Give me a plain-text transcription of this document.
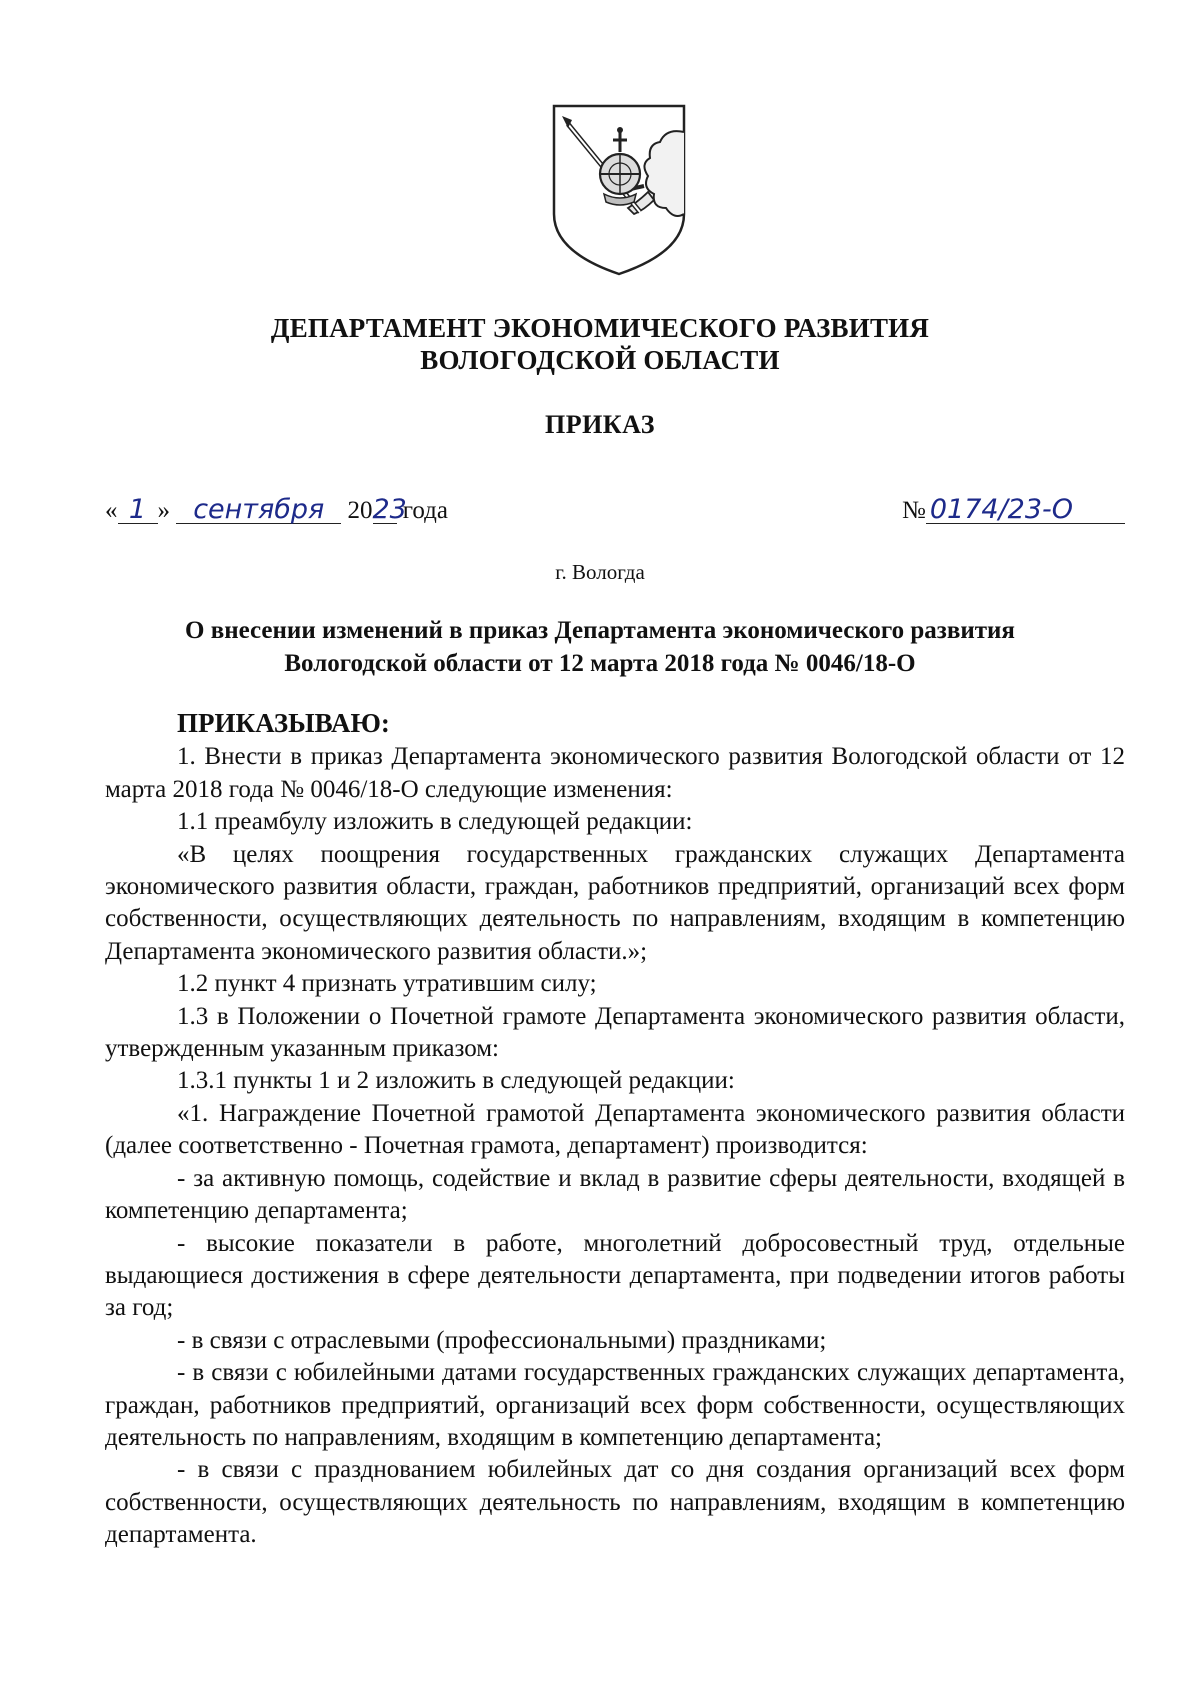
ДЕПАРТАМЕНТ ЭКОНОМИЧЕСКОГО РАЗВИТИЯ
ВОЛОГОДСКОЙ ОБЛАСТИ
ПРИКАЗ
« 1 » сентября 2023 года	№ 0174/23-О
г. Вологда
О внесении изменений в приказ Департамента экономического развития
Вологодской области от 12 марта 2018 года № 0046/18-О

ПРИКАЗЫВАЮ:

1. Внести в приказ Департамента экономического развития Вологодской области от 12 марта 2018 года № 0046/18-О следующие изменения:

1.1 преамбулу изложить в следующей редакции:

«В целях поощрения государственных гражданских служащих Департамента экономического развития области, граждан, работников предприятий, организаций всех форм собственности, осуществляющих деятельность по направлениям, входящим в компетенцию Департамента экономического развития области.»;

1.2 пункт 4 признать утратившим силу;

1.3 в Положении о Почетной грамоте Департамента экономического развития области, утвержденным указанным приказом:

1.3.1 пункты 1 и 2 изложить в следующей редакции:

«1. Награждение Почетной грамотой Департамента экономического развития области (далее соответственно - Почетная грамота, департамент) производится:

- за активную помощь, содействие и вклад в развитие сферы деятельности, входящей в компетенцию департамента;

- высокие показатели в работе, многолетний добросовестный труд, отдельные выдающиеся достижения в сфере деятельности департамента, при подведении итогов работы за год;

- в связи с отраслевыми (профессиональными) праздниками;

- в связи с юбилейными датами государственных гражданских служащих департамента, граждан, работников предприятий, организаций всех форм собственности, осуществляющих деятельность по направлениям, входящим в компетенцию департамента;

- в связи с празднованием юбилейных дат со дня создания организаций всех форм собственности, осуществляющих деятельность по направлениям, входящим в компетенцию департамента.
